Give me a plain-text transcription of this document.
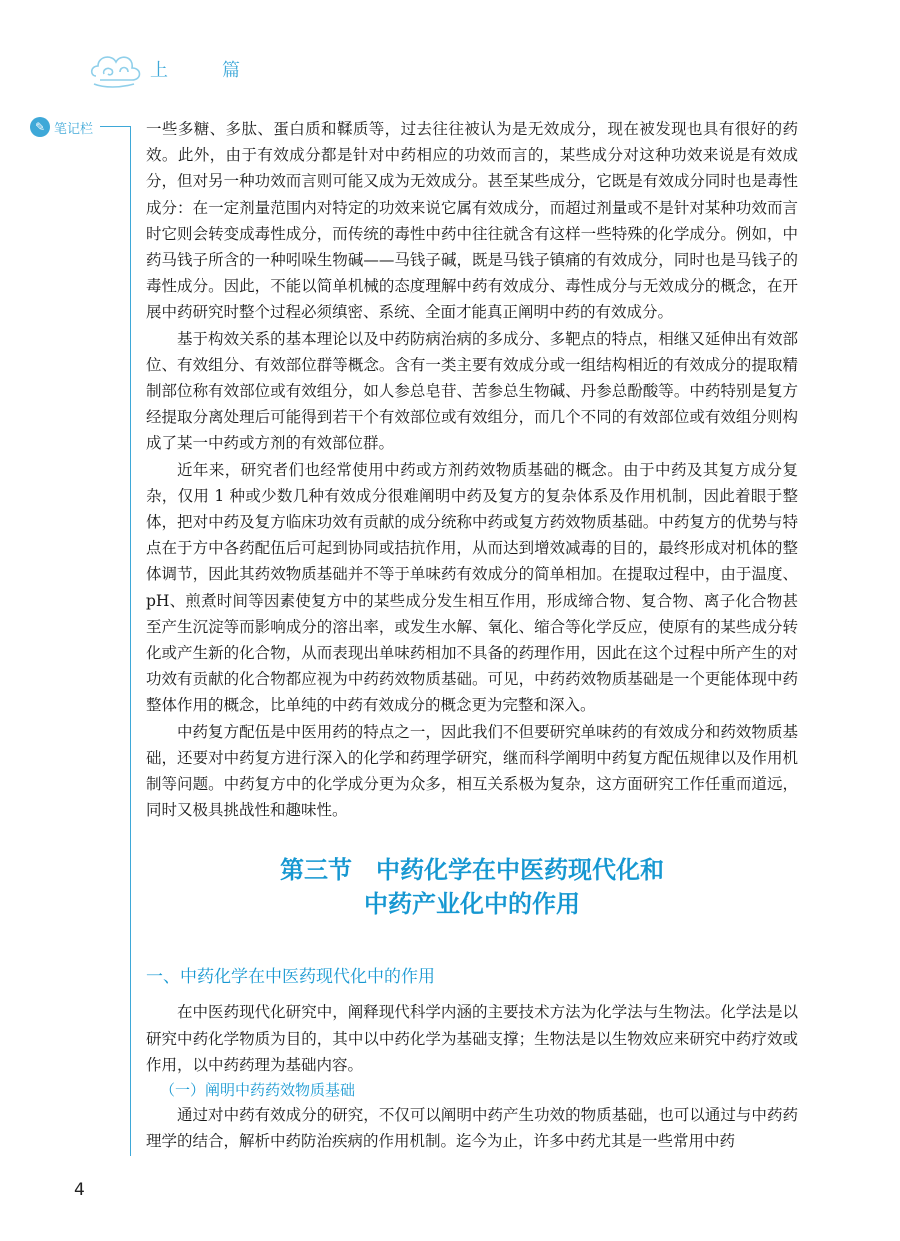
上　篇
✎ 笔记栏	一些多糖、多肽、蛋白质和鞣质等，过去往往被认为是无效成分，现在被发现也具有很好的药效。此外，由于有效成分都是针对中药相应的功效而言的，某些成分对这种功效来说是有效成分，但对另一种功效而言则可能又成为无效成分。甚至某些成分，它既是有效成分同时也是毒性成分：在一定剂量范围内对特定的功效来说它属有效成分，而超过剂量或不是针对某种功效而言时它则会转变成毒性成分，而传统的毒性中药中往往就含有这样一些特殊的化学成分。例如，中药马钱子所含的一种吲哚生物碱——马钱子碱，既是马钱子镇痛的有效成分，同时也是马钱子的毒性成分。因此，不能以简单机械的态度理解中药有效成分、毒性成分与无效成分的概念，在开展中药研究时整个过程必须缜密、系统、全面才能真正阐明中药的有效成分。

基于构效关系的基本理论以及中药防病治病的多成分、多靶点的特点，相继又延伸出有效部位、有效组分、有效部位群等概念。含有一类主要有效成分或一组结构相近的有效成分的提取精制部位称有效部位或有效组分，如人参总皂苷、苦参总生物碱、丹参总酚酸等。中药特别是复方经提取分离处理后可能得到若干个有效部位或有效组分，而几个不同的有效部位或有效组分则构成了某一中药或方剂的有效部位群。

近年来，研究者们也经常使用中药或方剂药效物质基础的概念。由于中药及其复方成分复杂，仅用 1 种或少数几种有效成分很难阐明中药及复方的复杂体系及作用机制，因此着眼于整体，把对中药及复方临床功效有贡献的成分统称中药或复方药效物质基础。中药复方的优势与特点在于方中各药配伍后可起到协同或拮抗作用，从而达到增效减毒的目的，最终形成对机体的整体调节，因此其药效物质基础并不等于单味药有效成分的简单相加。在提取过程中，由于温度、pH、煎煮时间等因素使复方中的某些成分发生相互作用，形成缔合物、复合物、离子化合物甚至产生沉淀等而影响成分的溶出率，或发生水解、氧化、缩合等化学反应，使原有的某些成分转化或产生新的化合物，从而表现出单味药相加不具备的药理作用，因此在这个过程中所产生的对功效有贡献的化合物都应视为中药药效物质基础。可见，中药药效物质基础是一个更能体现中药整体作用的概念，比单纯的中药有效成分的概念更为完整和深入。

中药复方配伍是中医用药的特点之一，因此我们不但要研究单味药的有效成分和药效物质基础，还要对中药复方进行深入的化学和药理学研究，继而科学阐明中药复方配伍规律以及作用机制等问题。中药复方中的化学成分更为众多，相互关系极为复杂，这方面研究工作任重而道远，同时又极具挑战性和趣味性。

第三节　中药化学在中医药现代化和
中药产业化中的作用
一、中药化学在中医药现代化中的作用

在中医药现代化研究中，阐释现代科学内涵的主要技术方法为化学法与生物法。化学法是以研究中药化学物质为目的，其中以中药化学为基础支撑；生物法是以生物效应来研究中药疗效或作用，以中药药理为基础内容。

（一）阐明中药药效物质基础

通过对中药有效成分的研究，不仅可以阐明中药产生功效的物质基础，也可以通过与中药药理学的结合，解析中药防治疾病的作用机制。迄今为止，许多中药尤其是一些常用中药

4
